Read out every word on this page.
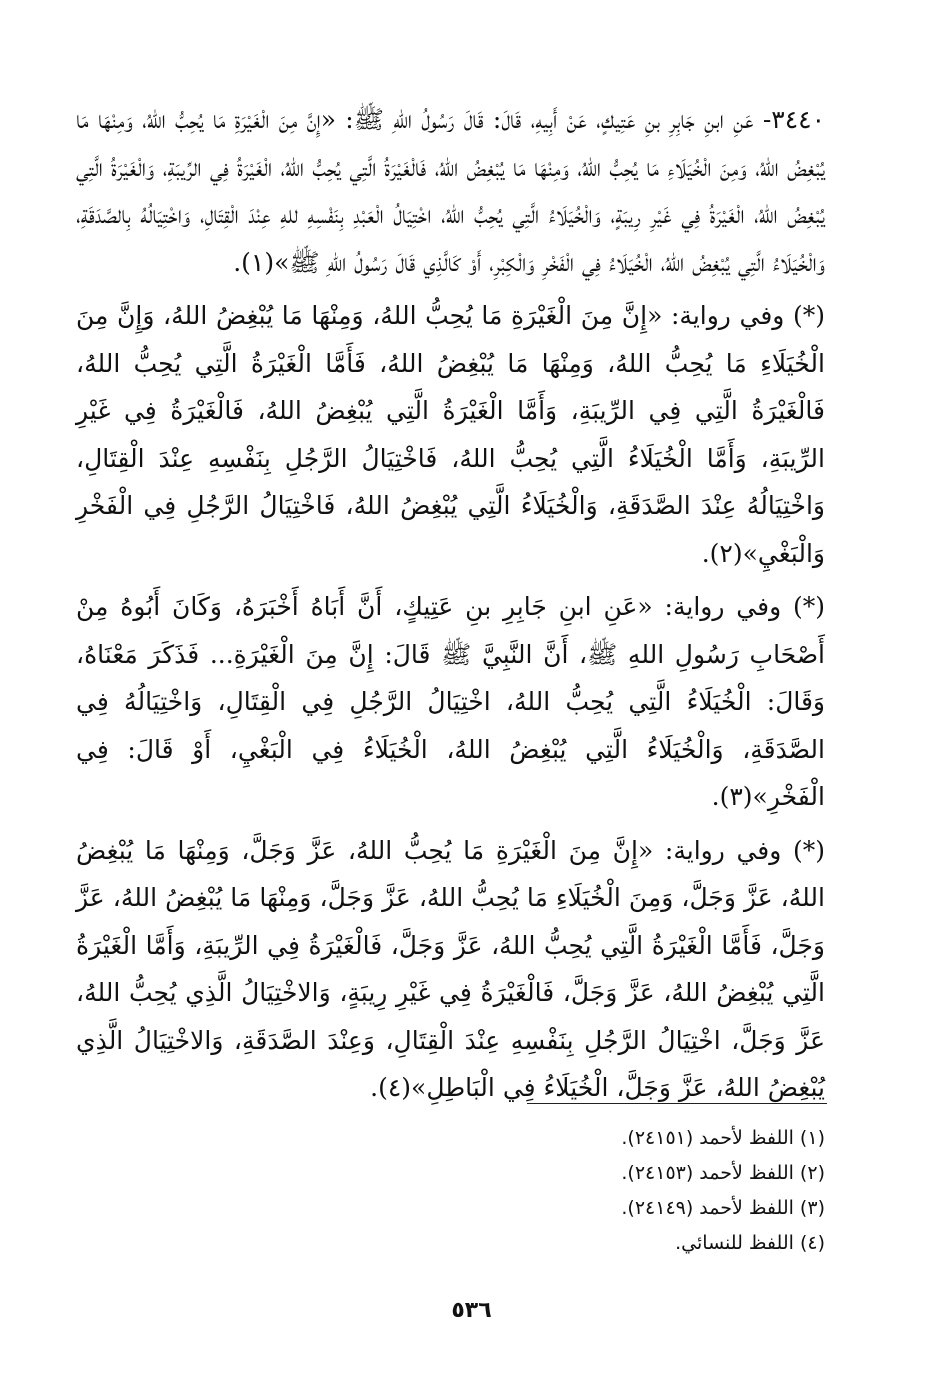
٣٤٤٠- عَنِ ابنِ جَابِرِ بنِ عَتِيكٍ، عَنْ أَبِيهِ، قَالَ: قَالَ رَسُولُ اللهِ ﷺ: «إِنَّ مِنَ الْغَيْرَةِ مَا يُحِبُّ اللهُ، وَمِنْهَا مَا يُبْغِضُ اللهُ، وَمِنَ الْخُيَلَاءِ مَا يُحِبُّ اللهُ، وَمِنْهَا مَا يُبْغِضُ اللهُ، فَالْغَيْرَةُ الَّتِي يُحِبُّ اللهُ، الْغَيْرَةُ فِي الرِّيبَةِ، وَالْغَيْرَةُ الَّتِي يُبْغِضُ اللهُ، الْغَيْرَةُ فِي غَيْرِ رِيبَةٍ، وَالْخُيَلَاءُ الَّتِي يُحِبُّ اللهُ، اخْتِيَالُ الْعَبْدِ بِنَفْسِهِ للهِ عِنْدَ الْقِتَالِ، وَاخْتِيَالُهُ بِالصَّدَقَةِ، وَالْخُيَلَاءُ الَّتِي يُبْغِضُ اللهُ، الْخُيَلَاءُ فِي الْفَخْرِ وَالْكِبْرِ، أَوْ كَالَّذِي قَالَ رَسُولُ اللهِ ﷺ»(١).

(*) وفي رواية: «إِنَّ مِنَ الْغَيْرَةِ مَا يُحِبُّ اللهُ، وَمِنْهَا مَا يُبْغِضُ اللهُ، وَإِنَّ مِنَ الْخُيَلَاءِ مَا يُحِبُّ اللهُ، وَمِنْهَا مَا يُبْغِضُ اللهُ، فَأَمَّا الْغَيْرَةُ الَّتِي يُحِبُّ اللهُ، فَالْغَيْرَةُ الَّتِي فِي الرِّيبَةِ، وَأَمَّا الْغَيْرَةُ الَّتِي يُبْغِضُ اللهُ، فَالْغَيْرَةُ فِي غَيْرِ الرِّيبَةِ، وَأَمَّا الْخُيَلَاءُ الَّتِي يُحِبُّ اللهُ، فَاخْتِيَالُ الرَّجُلِ بِنَفْسِهِ عِنْدَ الْقِتَالِ، وَاخْتِيَالُهُ عِنْدَ الصَّدَقَةِ، وَالْخُيَلَاءُ الَّتِي يُبْغِضُ اللهُ، فَاخْتِيَالُ الرَّجُلِ فِي الْفَخْرِ وَالْبَغْيِ»(٢).

(*) وفي رواية: «عَنِ ابنِ جَابِرِ بنِ عَتِيكٍ، أَنَّ أَبَاهُ أَخْبَرَهُ، وَكَانَ أَبُوهُ مِنْ أَصْحَابِ رَسُولِ اللهِ ﷺ، أَنَّ النَّبِيَّ ﷺ قَالَ: إِنَّ مِنَ الْغَيْرَةِ... فَذَكَرَ مَعْنَاهُ، وَقَالَ: الْخُيَلَاءُ الَّتِي يُحِبُّ اللهُ، اخْتِيَالُ الرَّجُلِ فِي الْقِتَالِ، وَاخْتِيَالُهُ فِي الصَّدَقَةِ، وَالْخُيَلَاءُ الَّتِي يُبْغِضُ اللهُ، الْخُيَلَاءُ فِي الْبَغْيِ، أَوْ قَالَ: فِي الْفَخْرِ»(٣).

(*) وفي رواية: «إِنَّ مِنَ الْغَيْرَةِ مَا يُحِبُّ اللهُ، عَزَّ وَجَلَّ، وَمِنْهَا مَا يُبْغِضُ اللهُ، عَزَّ وَجَلَّ، وَمِنَ الْخُيَلَاءِ مَا يُحِبُّ اللهُ، عَزَّ وَجَلَّ، وَمِنْهَا مَا يُبْغِضُ اللهُ، عَزَّ وَجَلَّ، فَأَمَّا الْغَيْرَةُ الَّتِي يُحِبُّ اللهُ، عَزَّ وَجَلَّ، فَالْغَيْرَةُ فِي الرِّيبَةِ، وَأَمَّا الْغَيْرَةُ الَّتِي يُبْغِضُ اللهُ، عَزَّ وَجَلَّ، فَالْغَيْرَةُ فِي غَيْرِ رِيبَةٍ، وَالاخْتِيَالُ الَّذِي يُحِبُّ اللهُ، عَزَّ وَجَلَّ، اخْتِيَالُ الرَّجُلِ بِنَفْسِهِ عِنْدَ الْقِتَالِ، وَعِنْدَ الصَّدَقَةِ، وَالاخْتِيَالُ الَّذِي يُبْغِضُ اللهُ، عَزَّ وَجَلَّ، الْخُيَلَاءُ فِي الْبَاطِلِ»(٤).

(١) اللفظ لأحمد (٢٤١٥١).
(٢) اللفظ لأحمد (٢٤١٥٣).
(٣) اللفظ لأحمد (٢٤١٤٩).
(٤) اللفظ للنسائي.
٥٣٦
